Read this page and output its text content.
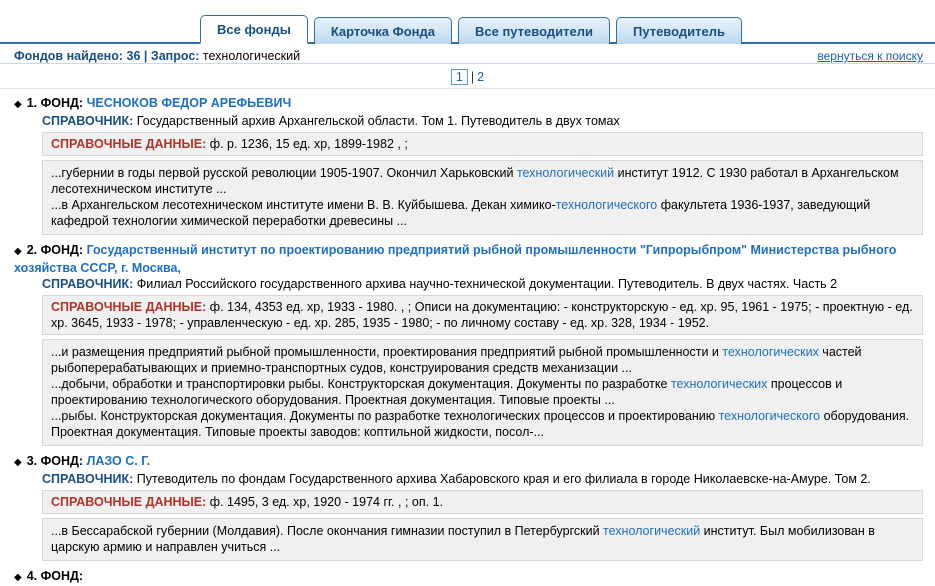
Все фонды	Карточка Фонда	Все путеводители	Путеводитель
Фондов найдено: 36 | Запрос: технологический	вернуться к поиску
1 | 2
◆ 1. ФОНД: ЧЕСНОКОВ ФЕДОР АРЕФЬЕВИЧ
СПРАВОЧНИК: Государственный архив Архангельской области. Том 1. Путеводитель в двух томах
СПРАВОЧНЫЕ ДАННЫЕ: ф. р. 1236, 15 ед. хр, 1899-1982 , ;

...губернии в годы первой русской революции 1905-1907. Окончил Харьковский технологический институт 1912. С 1930 работал в Архангельском лесотехническом институте ...

...в Архангельском лесотехническом институте имени В. В. Куйбышева. Декан химико-технологического факультета 1936-1937, заведующий кафедрой технологии химической переработки древесины ...

◆ 2. ФОНД: Государственный институт по проектированию предприятий рыбной промышленности "Гипрорыбпром" Министерства рыбного хозяйства СССР, г. Москва,
СПРАВОЧНИК: Филиал Российского государственного архива научно-технической документации. Путеводитель. В двух частях. Часть 2
СПРАВОЧНЫЕ ДАННЫЕ: ф. 134, 4353 ед. хр, 1933 - 1980. , ; Описи на документацию: - конструкторскую - ед. хр. 95, 1961 - 1975; - проектную - ед. хр. 3645, 1933 - 1978; - управленческую - ед. хр. 285, 1935 - 1980; - по личному составу - ед. хр. 328, 1934 - 1952.

...и размещения предприятий рыбной промышленности, проектирования предприятий рыбной промышленности и технологических частей рыбоперерабатывающих и приемно-транспортных судов, конструирования средств механизации ...

...добычи, обработки и транспортировки рыбы. Конструкторская документация. Документы по разработке технологических процессов и проектированию технологического оборудования. Проектная документация. Типовые проекты ...

...рыбы. Конструкторская документация. Документы по разработке технологических процессов и проектированию технологического оборудования. Проектная документация. Типовые проекты заводов: коптильной жидкости, посол-...

◆ 3. ФОНД: ЛАЗО С. Г.
СПРАВОЧНИК: Путеводитель по фондам Государственного архива Хабаровского края и его филиала в городе Николаевске-на-Амуре. Том 2.
СПРАВОЧНЫЕ ДАННЫЕ: ф. 1495, 3 ед. хр, 1920 - 1974 гг. , ; оп. 1.

...в Бессарабской губернии (Молдавия). После окончания гимназии поступил в Петербургский технологический институт. Был мобилизован в царскую армию и направлен учиться ...

◆ 4. ФОНД:
